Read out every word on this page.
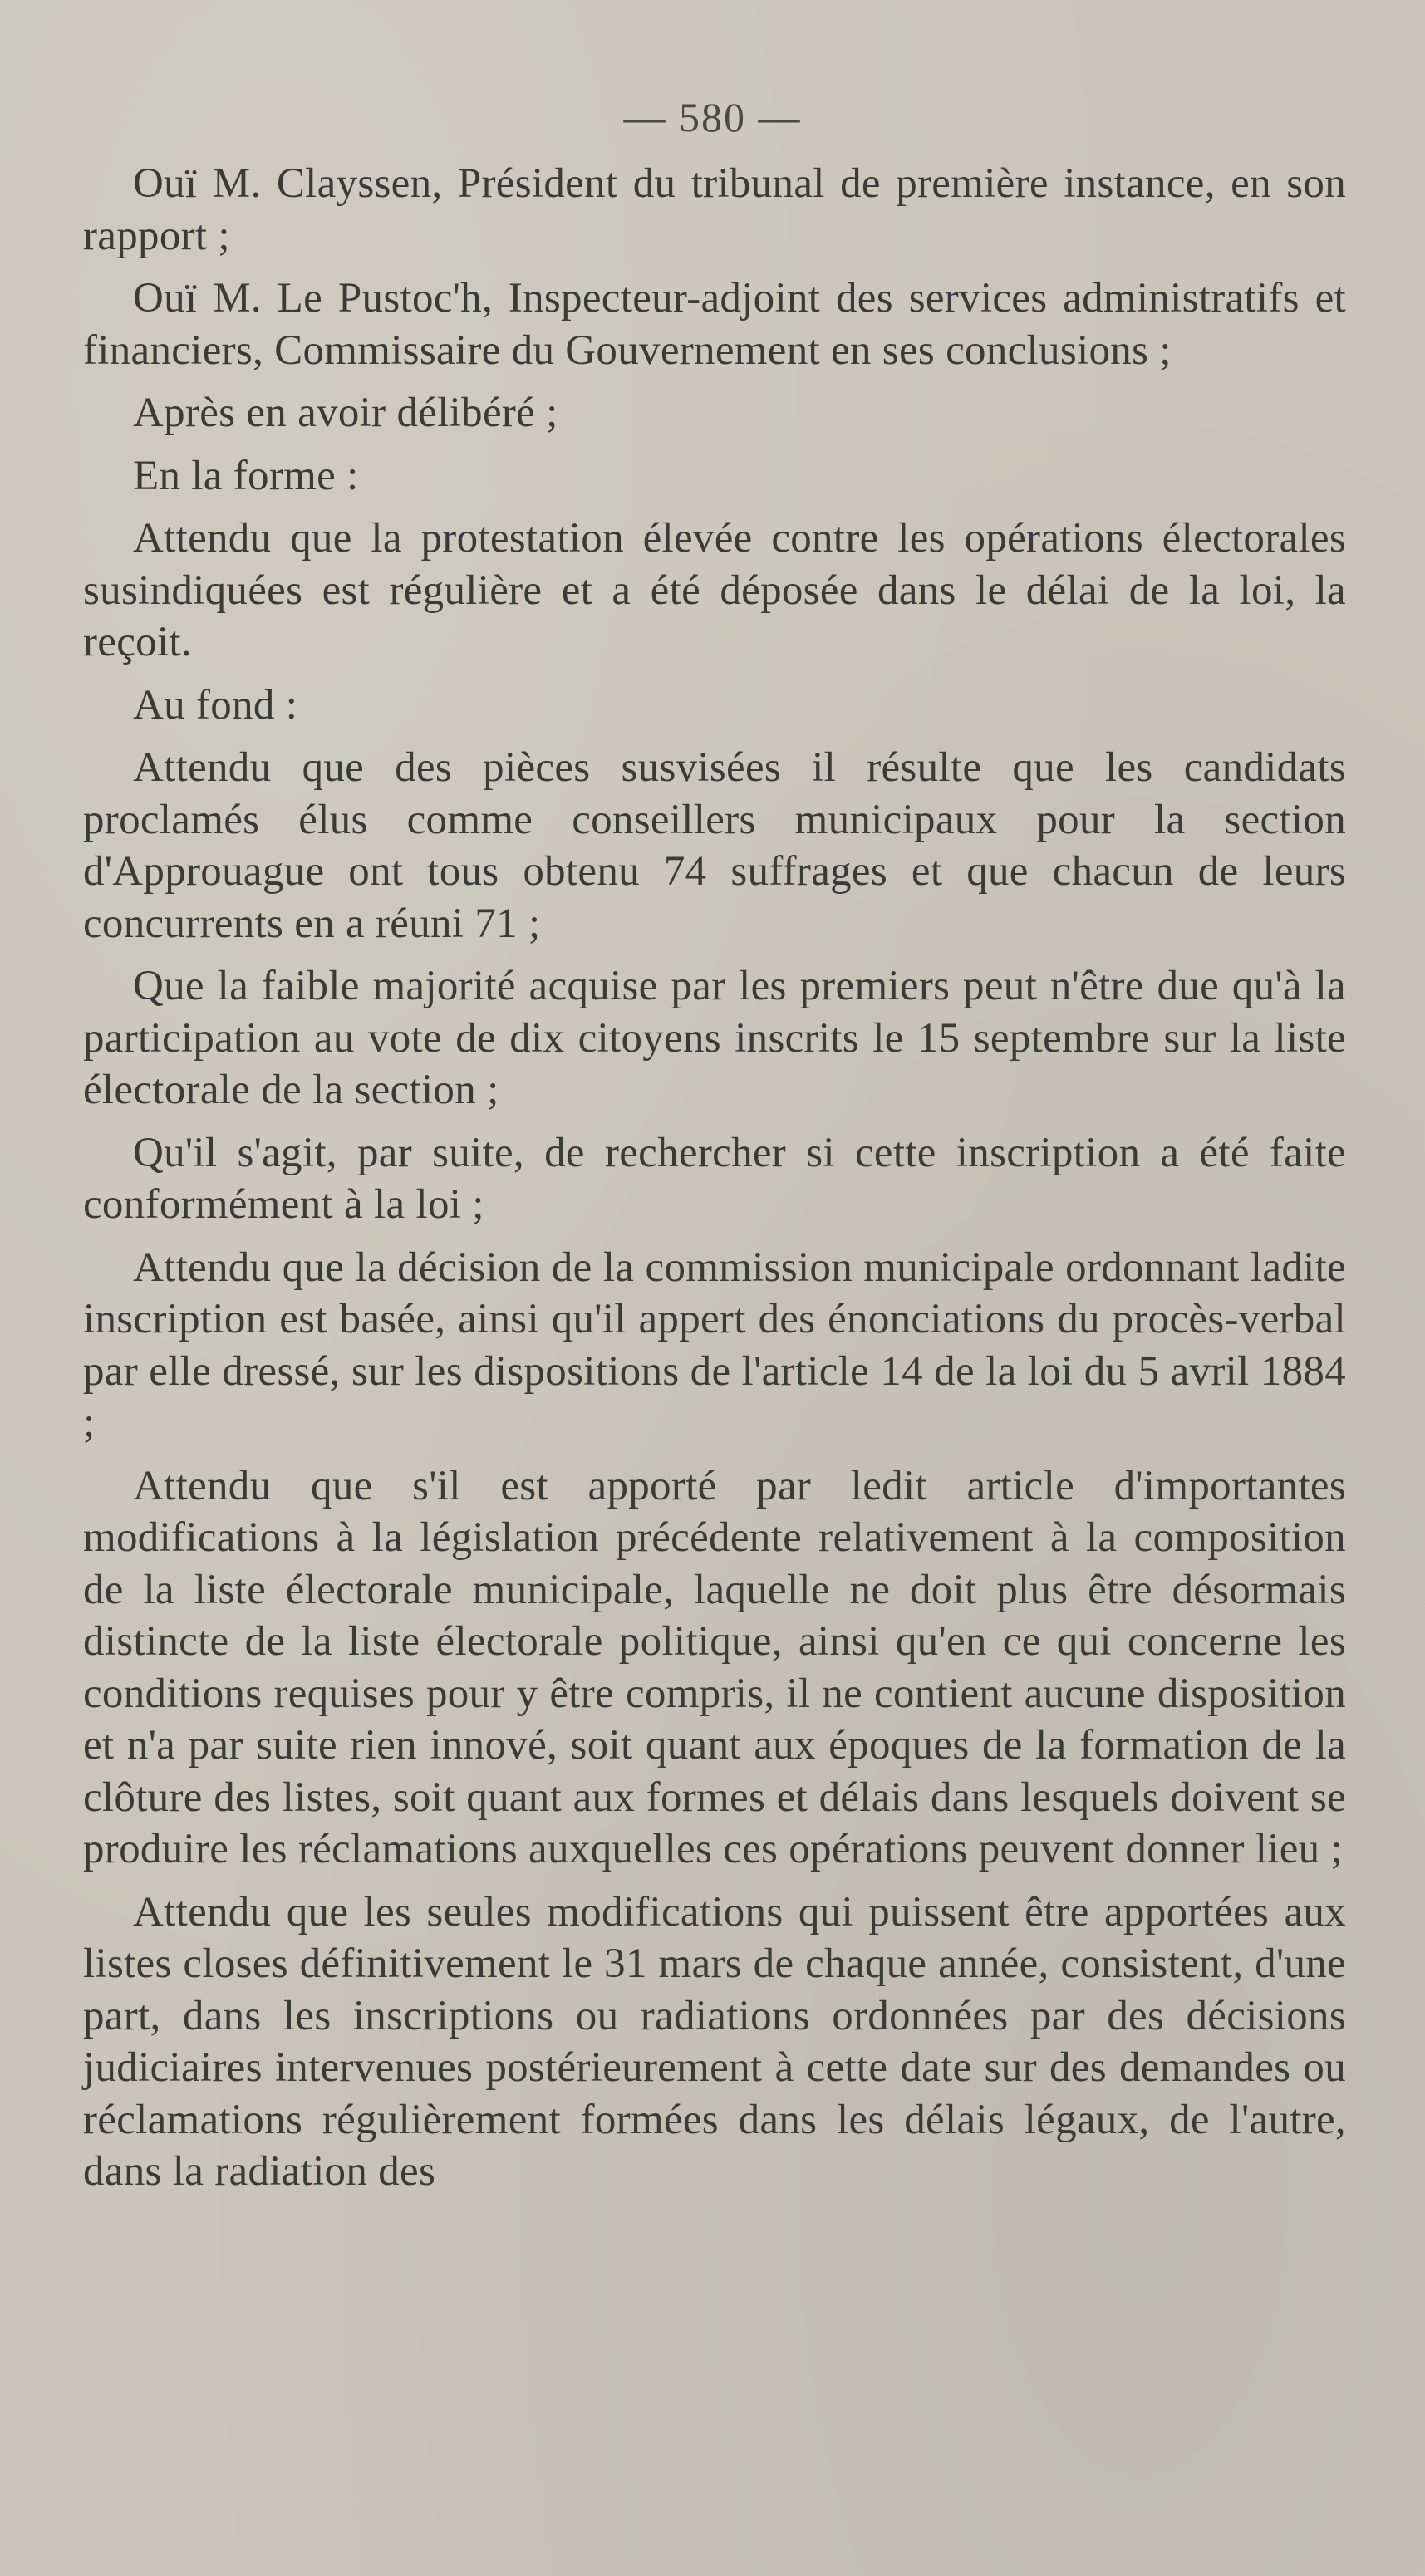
— 580 —

Ouï M. Clayssen, Président du tribunal de première instance, en son rapport ;

Ouï M. Le Pustoc'h, Inspecteur-adjoint des services administratifs et financiers, Commissaire du Gouvernement en ses conclusions ;

Après en avoir délibéré ;

En la forme :

Attendu que la protestation élevée contre les opérations électorales susindiquées est régulière et a été déposée dans le délai de la loi, la reçoit.

Au fond :

Attendu que des pièces susvisées il résulte que les candidats proclamés élus comme conseillers municipaux pour la section d'Approuague ont tous obtenu 74 suffrages et que chacun de leurs concurrents en a réuni 71 ;

Que la faible majorité acquise par les premiers peut n'être due qu'à la participation au vote de dix citoyens inscrits le 15 septembre sur la liste électorale de la section ;

Qu'il s'agit, par suite, de rechercher si cette inscription a été faite conformément à la loi ;

Attendu que la décision de la commission municipale ordonnant ladite inscription est basée, ainsi qu'il appert des énonciations du procès-verbal par elle dressé, sur les dispositions de l'article 14 de la loi du 5 avril 1884 ;

Attendu que s'il est apporté par ledit article d'importantes modifications à la législation précédente relativement à la composition de la liste électorale municipale, laquelle ne doit plus être désormais distincte de la liste électorale politique, ainsi qu'en ce qui concerne les conditions requises pour y être compris, il ne contient aucune disposition et n'a par suite rien innové, soit quant aux époques de la formation de la clôture des listes, soit quant aux formes et délais dans lesquels doivent se produire les réclamations auxquelles ces opérations peuvent donner lieu ;

Attendu que les seules modifications qui puissent être apportées aux listes closes définitivement le 31 mars de chaque année, consistent, d'une part, dans les inscriptions ou radiations ordonnées par des décisions judiciaires intervenues postérieurement à cette date sur des demandes ou réclamations régulièrement formées dans les délais légaux, de l'autre, dans la radiation des
